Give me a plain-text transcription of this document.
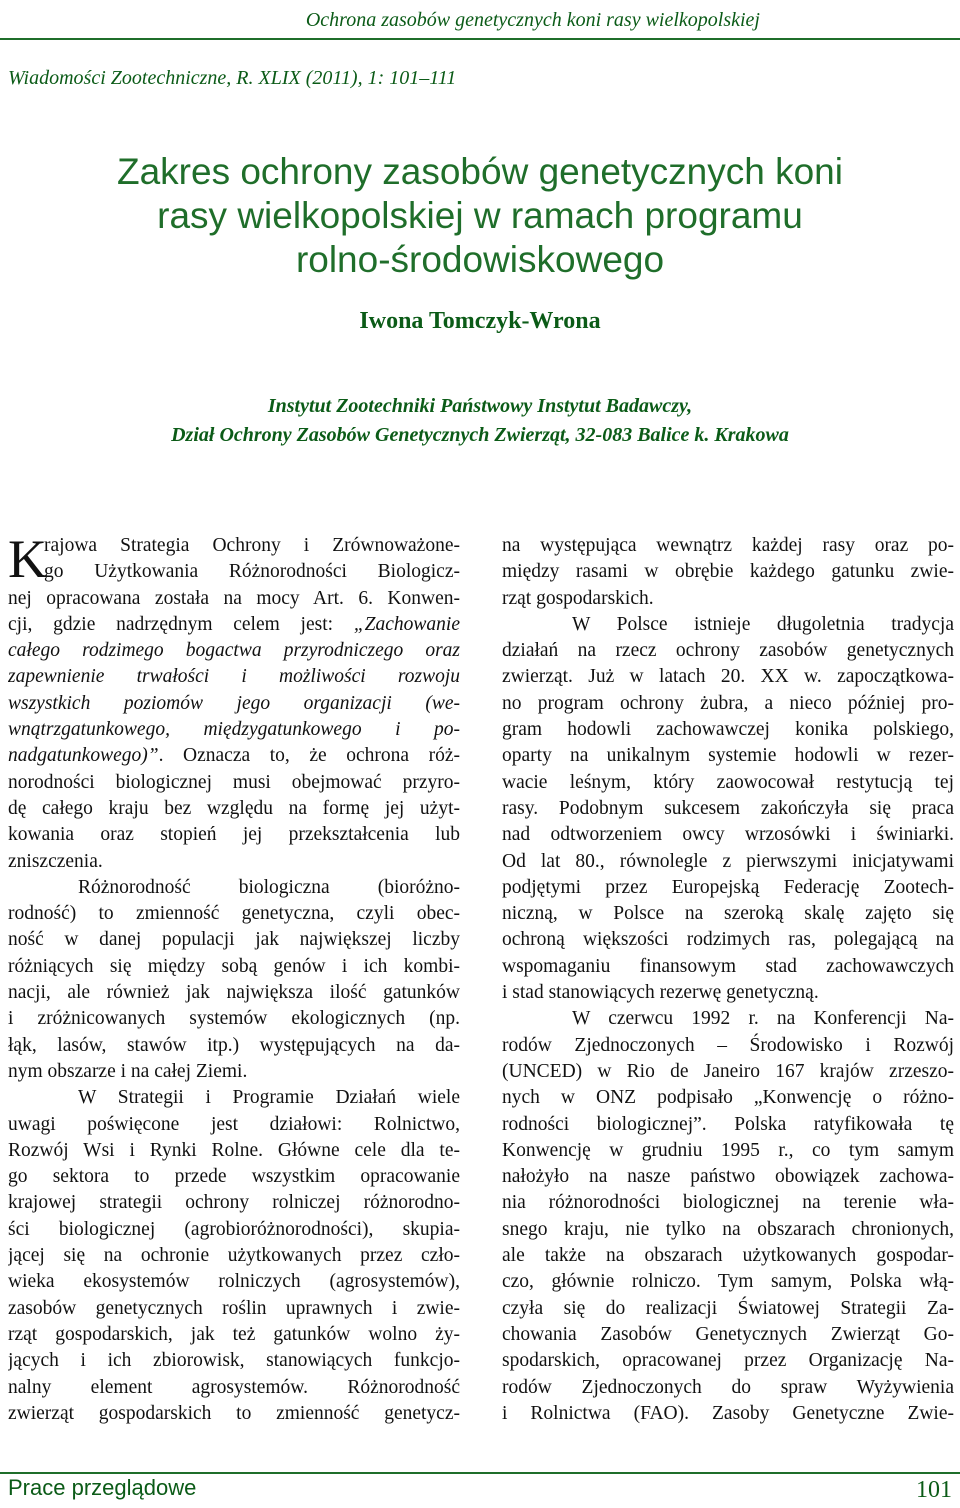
Ochrona zasobów genetycznych koni rasy wielkopolskiej
Wiadomości Zootechniczne, R. XLIX (2011), 1: 101–111
Zakres ochrony zasobów genetycznych koni
rasy wielkopolskiej w ramach programu
rolno-środowiskowego
Iwona Tomczyk-Wrona
Instytut Zootechniki Państwowy Instytut Badawczy,
Dział Ochrony Zasobów Genetycznych Zwierząt, 32-083 Balice k. Krakowa
K
rajowa Strategia Ochrony i Zrównoważone-
go Użytkowania Różnorodności Biologicz-
nej opracowana została na mocy Art. 6. Konwen-
cji, gdzie nadrzędnym celem jest: „Zachowanie
całego rodzimego bogactwa przyrodniczego oraz
zapewnienie trwałości i możliwości rozwoju
wszystkich poziomów jego organizacji (we-
wnątrzgatunkowego, międzygatunkowego i po-
nadgatunkowego)”. Oznacza to, że ochrona róż-
norodności biologicznej musi obejmować przyro-
dę całego kraju bez względu na formę jej użyt-
kowania oraz stopień jej przekształcenia lub
zniszczenia.
Różnorodność biologiczna (bioróżno-
rodność) to zmienność genetyczna, czyli obec-
ność w danej populacji jak największej liczby
różniących się między sobą genów i ich kombi-
nacji, ale również jak największa ilość gatunków
i zróżnicowanych systemów ekologicznych (np.
łąk, lasów, stawów itp.) występujących na da-
nym obszarze i na całej Ziemi.
W Strategii i Programie Działań wiele
uwagi poświęcone jest działowi: Rolnictwo,
Rozwój Wsi i Rynki Rolne. Główne cele dla te-
go sektora to przede wszystkim opracowanie
krajowej strategii ochrony rolniczej różnorodno-
ści biologicznej (agrobioróżnorodności), skupia-
jącej się na ochronie użytkowanych przez czło-
wieka ekosystemów rolniczych (agrosystemów),
zasobów genetycznych roślin uprawnych i zwie-
rząt gospodarskich, jak też gatunków wolno ży-
jących i ich zbiorowisk, stanowiących funkcjo-
nalny element agrosystemów. Różnorodność
zwierząt gospodarskich to zmienność genetycz-
na występująca wewnątrz każdej rasy oraz po-
między rasami w obrębie każdego gatunku zwie-
rząt gospodarskich.
W Polsce istnieje długoletnia tradycja
działań na rzecz ochrony zasobów genetycznych
zwierząt. Już w latach 20. XX w. zapoczątkowa-
no program ochrony żubra, a nieco później pro-
gram hodowli zachowawczej konika polskiego,
oparty na unikalnym systemie hodowli w rezer-
wacie leśnym, który zaowocował restytucją tej
rasy. Podobnym sukcesem zakończyła się praca
nad odtworzeniem owcy wrzosówki i świniarki.
Od lat 80., równolegle z pierwszymi inicjatywami
podjętymi przez Europejską Federację Zootech-
niczną, w Polsce na szeroką skalę zajęto się
ochroną większości rodzimych ras, polegającą na
wspomaganiu finansowym stad zachowawczych
i stad stanowiących rezerwę genetyczną.
W czerwcu 1992 r. na Konferencji Na-
rodów Zjednoczonych – Środowisko i Rozwój
(UNCED) w Rio de Janeiro 167 krajów zrzeszo-
nych w ONZ podpisało „Konwencję o różno-
rodności biologicznej”. Polska ratyfikowała tę
Konwencję w grudniu 1995 r., co tym samym
nałożyło na nasze państwo obowiązek zachowa-
nia różnorodności biologicznej na terenie wła-
snego kraju, nie tylko na obszarach chronionych,
ale także na obszarach użytkowanych gospodar-
czo, głównie rolniczo. Tym samym, Polska włą-
czyła się do realizacji Światowej Strategii Za-
chowania Zasobów Genetycznych Zwierząt Go-
spodarskich, opracowanej przez Organizację Na-
rodów Zjednoczonych do spraw Wyżywienia
i Rolnictwa (FAO). Zasoby Genetyczne Zwie-
Prace przeglądowe	101
